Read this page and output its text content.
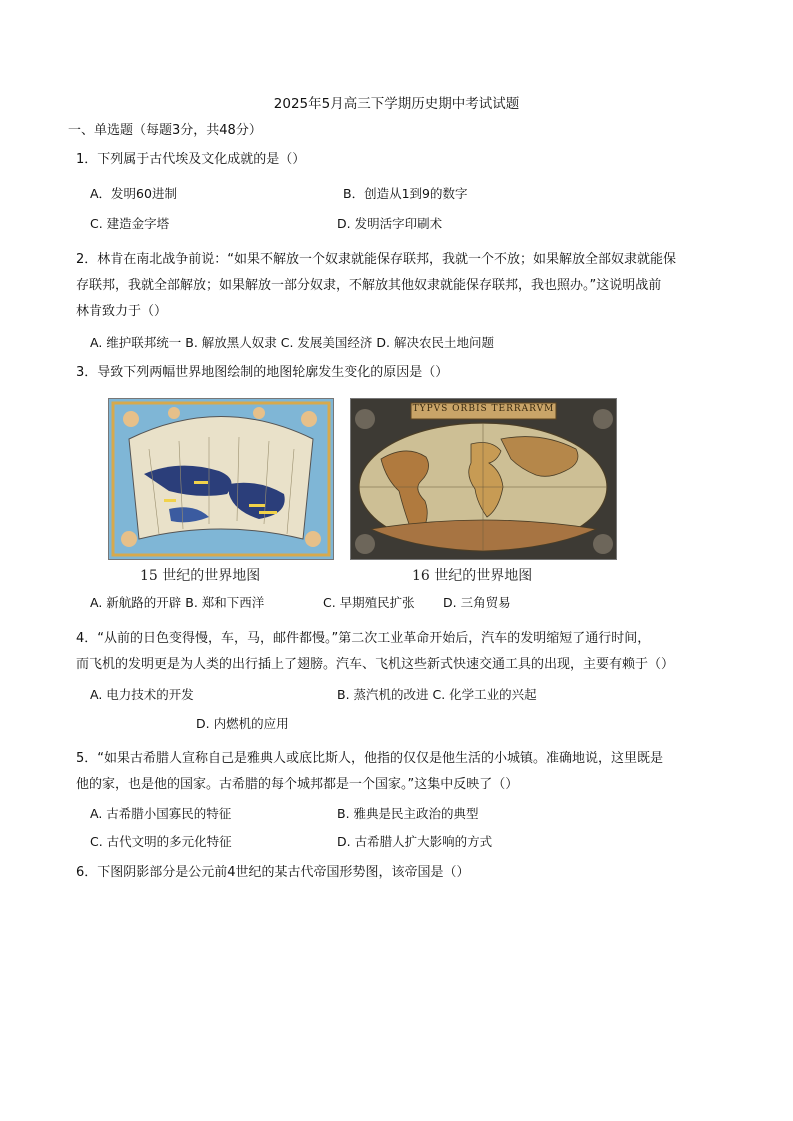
2025年5月高三下学期历史期中考试试题
一、单选题（每题3分，共48分）
1．下列属于古代埃及文化成就的是（）
A．发明60进制	B．创造从1到9的数字
C. 建造金字塔	D. 发明活字印刷术
2．林肯在南北战争前说：“如果不解放一个奴隶就能保存联邦，我就一个不放；如果解放全部奴隶就能保
存联邦，我就全部解放；如果解放一部分奴隶，不解放其他奴隶就能保存联邦，我也照办。”这说明战前
林肯致力于（）
A. 维护联邦统一 B. 解放黑人奴隶 C. 发展美国经济 D. 解决农民土地问题
3．导致下列两幅世界地图绘制的地图轮廓发生变化的原因是（）
15 世纪的世界地图
TYPVS ORBIS TERRARVM
16 世纪的世界地图
A. 新航路的开辟 B. 郑和下西洋	C. 早期殖民扩张 D. 三角贸易
4．“从前的日色变得慢，车，马，邮件都慢。”第二次工业革命开始后，汽车的发明缩短了通行时间，
而飞机的发明更是为人类的出行插上了翅膀。汽车、飞机这些新式快速交通工具的出现，主要有赖于（）
A. 电力技术的开发	B. 蒸汽机的改进 C. 化学工业的兴起
D. 内燃机的应用
5．“如果古希腊人宣称自己是雅典人或底比斯人，他指的仅仅是他生活的小城镇。准确地说，这里既是
他的家，也是他的国家。古希腊的每个城邦都是一个国家。”这集中反映了（）
A. 古希腊小国寡民的特征	B. 雅典是民主政治的典型
C. 古代文明的多元化特征	D. 古希腊人扩大影响的方式
6．下图阴影部分是公元前4世纪的某古代帝国形势图，该帝国是（）
